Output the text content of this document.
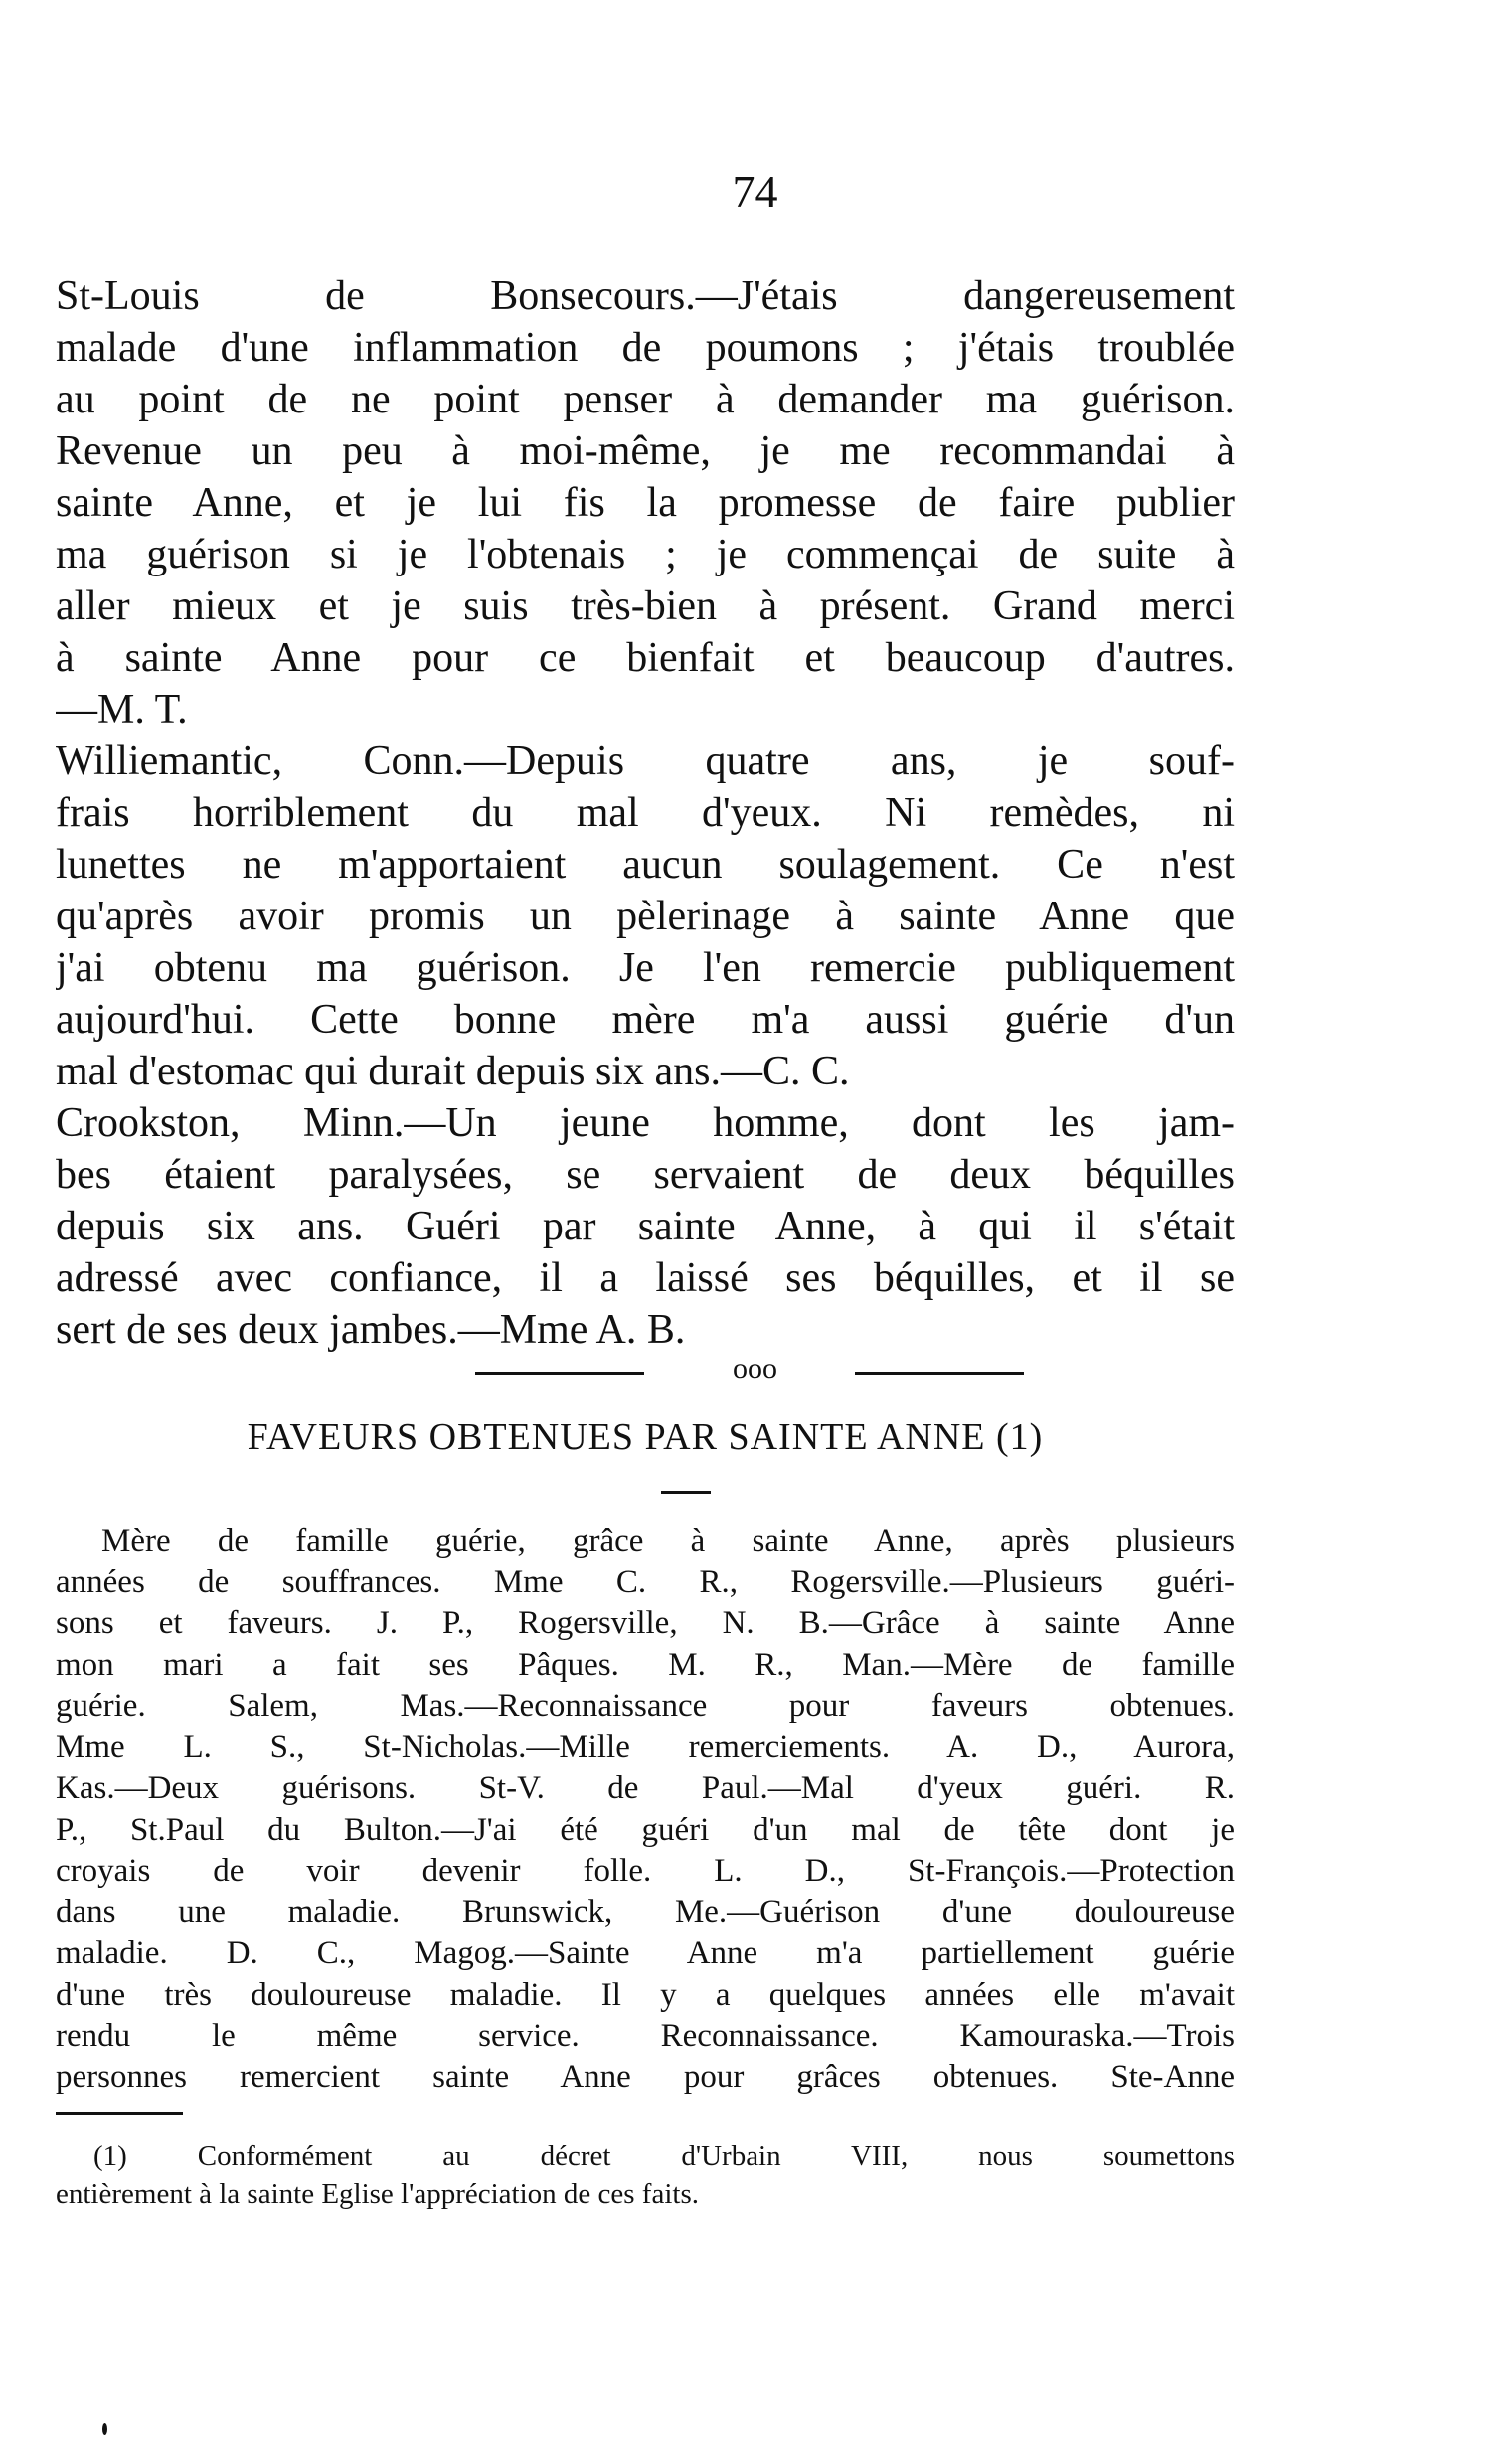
74
St-Louis de Bonsecours.—J'étais dangereusement
malade d'une inflammation de poumons ; j'étais troublée
au point de ne point penser à demander ma guérison.
Revenue un peu à moi-même, je me recommandai à
sainte Anne, et je lui fis la promesse de faire publier
ma guérison si je l'obtenais ; je commençai de suite à
aller mieux et je suis très-bien à présent. Grand merci
à sainte Anne pour ce bienfait et beaucoup d'autres.
—M. T.
Williemantic, Conn.—Depuis quatre ans, je souf-
frais horriblement du mal d'yeux. Ni remèdes, ni
lunettes ne m'apportaient aucun soulagement. Ce n'est
qu'après avoir promis un pèlerinage à sainte Anne que
j'ai obtenu ma guérison. Je l'en remercie publiquement
aujourd'hui. Cette bonne mère m'a aussi guérie d'un
mal d'estomac qui durait depuis six ans.—C. C.
Crookston, Minn.—Un jeune homme, dont les jam-
bes étaient paralysées, se servaient de deux béquilles
depuis six ans. Guéri par sainte Anne, à qui il s'était
adressé avec confiance, il a laissé ses béquilles, et il se
sert de ses deux jambes.—Mme A. B.
ooo
FAVEURS OBTENUES PAR SAINTE ANNE (1)
Mère de famille guérie, grâce à sainte Anne, après plusieurs
années de souffrances. Mme C. R., Rogersville.—Plusieurs guéri-
sons et faveurs. J. P., Rogersville, N. B.—Grâce à sainte Anne
mon mari a fait ses Pâques. M. R., Man.—Mère de famille
guérie. Salem, Mas.—Reconnaissance pour faveurs obtenues.
Mme L. S., St-Nicholas.—Mille remerciements. A. D., Aurora,
Kas.—Deux guérisons. St-V. de Paul.—Mal d'yeux guéri. R.
P., St.Paul du Bulton.—J'ai été guéri d'un mal de tête dont je
croyais de voir devenir folle. L. D., St-François.—Protection
dans une maladie. Brunswick, Me.—Guérison d'une douloureuse
maladie. D. C., Magog.—Sainte Anne m'a partiellement guérie
d'une très douloureuse maladie. Il y a quelques années elle m'avait
rendu le même service. Reconnaissance. Kamouraska.—Trois
personnes remercient sainte Anne pour grâces obtenues. Ste-Anne
(1) Conformément au décret d'Urbain VIII, nous soumettons
entièrement à la sainte Eglise l'appréciation de ces faits.
